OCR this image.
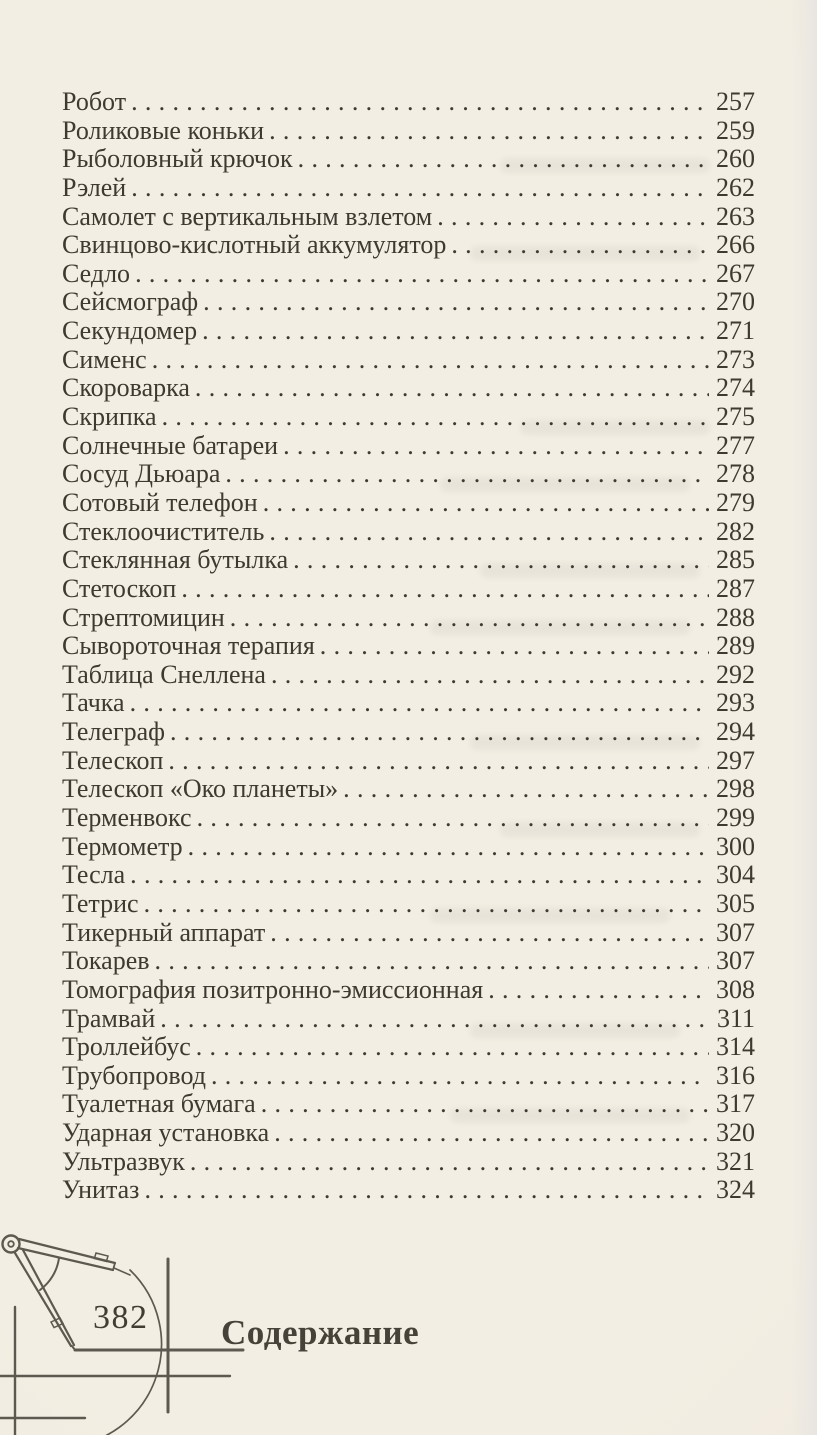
Робот . . .	257
Роликовые коньки . . .	259
Рыболовный крючок . . .	260
Рэлей . . .	262
Самолет с вертикальным взлетом . . .	263
Свинцово-кислотный аккумулятор . . .	266
Седло . . .	267
Сейсмограф . . .	270
Секундомер . . .	271
Сименс . . .	273
Скороварка . . .	274
Скрипка . . .	275
Солнечные батареи . . .	277
Сосуд Дьюара . . .	278
Сотовый телефон . . .	279
Стеклоочиститель . . .	282
Стеклянная бутылка . . .	285
Стетоскоп . . .	287
Стрептомицин . . .	288
Сывороточная терапия . . .	289
Таблица Снеллена . . .	292
Тачка . . .	293
Телеграф . . .	294
Телескоп . . .	297
Телескоп «Око планеты» . . .	298
Терменвокс . . .	299
Термометр . . .	300
Тесла . . .	304
Тетрис . . .	305
Тикерный аппарат . . .	307
Токарев . . .	307
Томография позитронно-эмиссионная . . .	308
Трамвай . . .	311
Троллейбус . . .	314
Трубопровод . . .	316
Туалетная бумага . . .	317
Ударная установка . . .	320
Ультразвук . . .	321
Унитаз . . .	324
382 Содержание
